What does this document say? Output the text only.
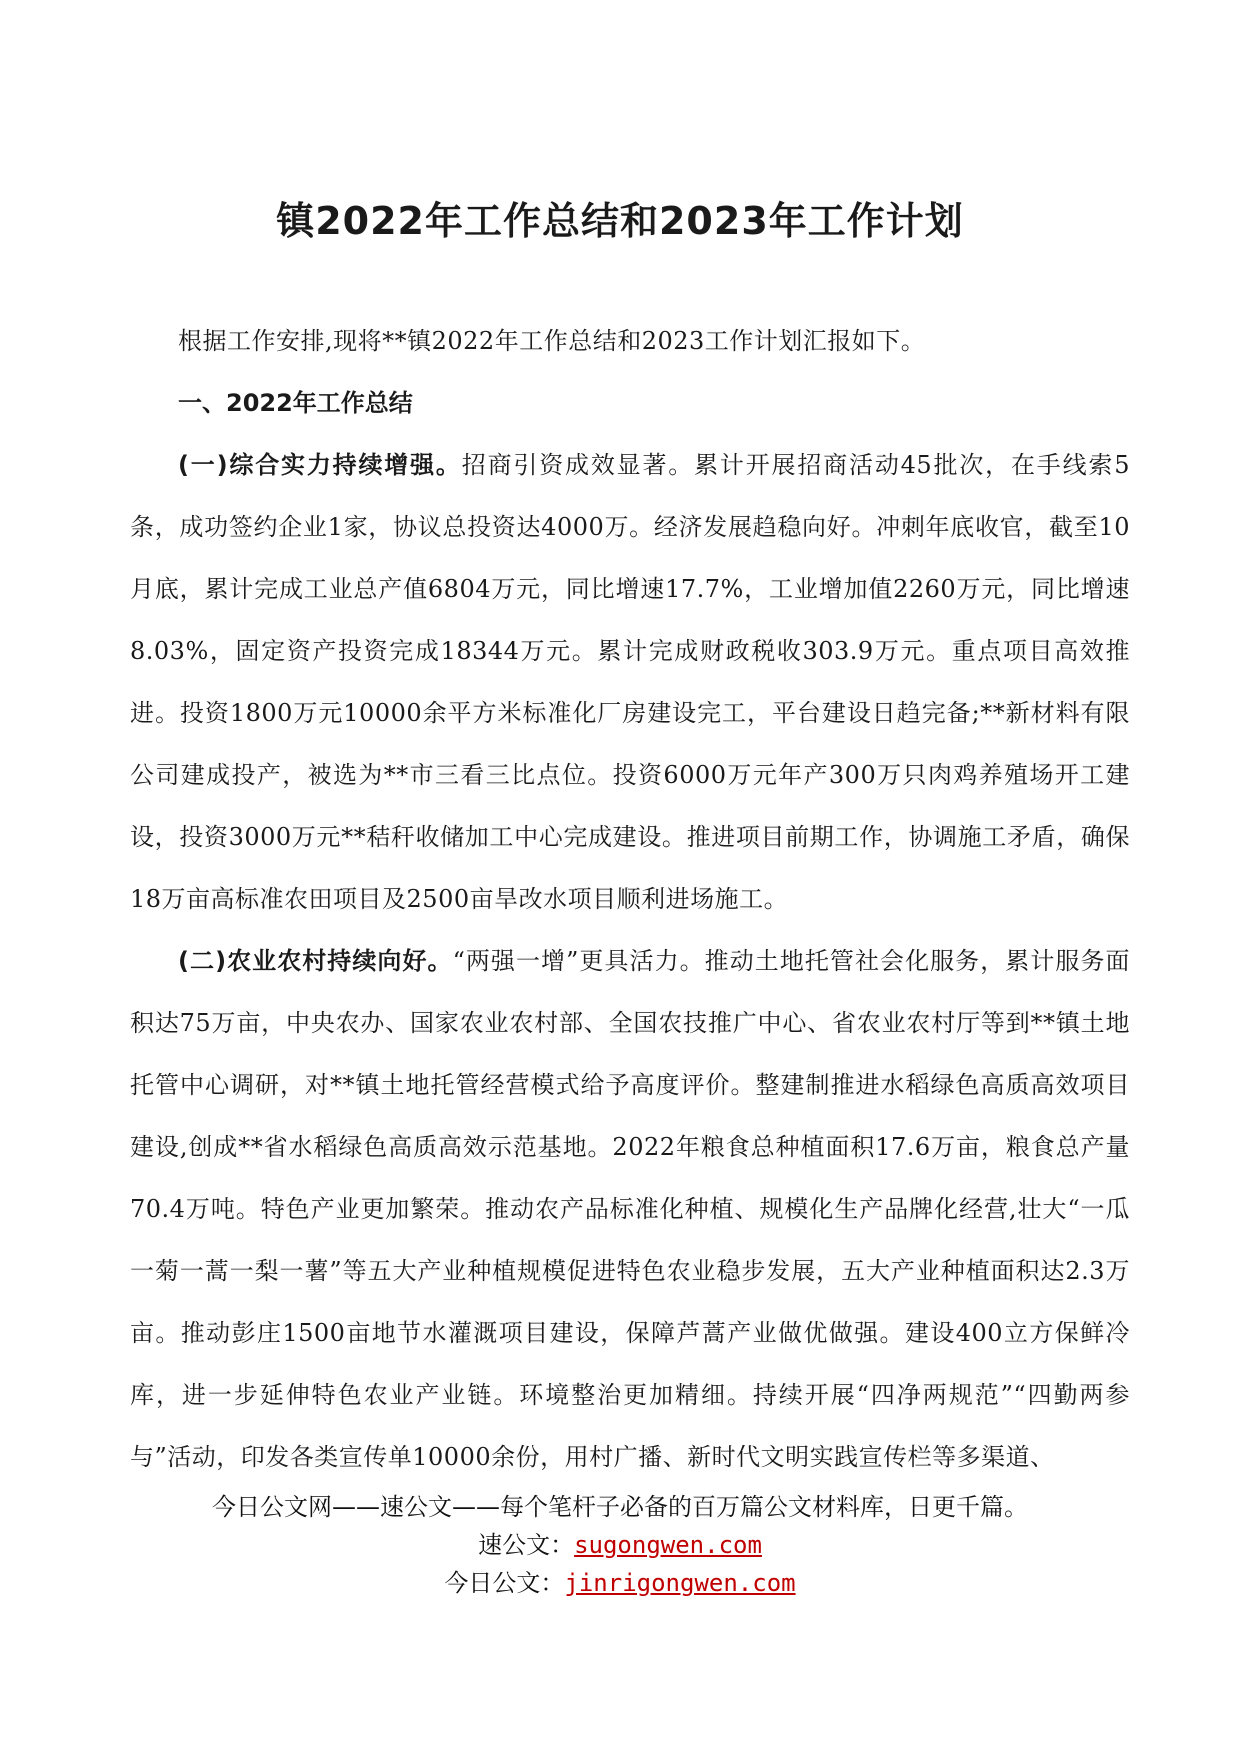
镇2022年工作总结和2023年工作计划

根据工作安排,现将**镇2022年工作总结和2023工作计划汇报如下。

一、2022年工作总结

(一)综合实力持续增强。招商引资成效显著。累计开展招商活动45批次，在手线索5条，成功签约企业1家，协议总投资达4000万。经济发展趋稳向好。冲刺年底收官，截至10月底，累计完成工业总产值6804万元，同比增速17.7%，工业增加值2260万元，同比增速8.03%，固定资产投资完成18344万元。累计完成财政税收303.9万元。重点项目高效推进。投资1800万元10000余平方米标准化厂房建设完工，平台建设日趋完备;**新材料有限公司建成投产，被选为**市三看三比点位。投资6000万元年产300万只肉鸡养殖场开工建设，投资3000万元**秸秆收储加工中心完成建设。推进项目前期工作，协调施工矛盾，确保18万亩高标准农田项目及2500亩旱改水项目顺利进场施工。

(二)农业农村持续向好。“两强一增”更具活力。推动土地托管社会化服务，累计服务面积达75万亩，中央农办、国家农业农村部、全国农技推广中心、省农业农村厅等到**镇土地托管中心调研，对**镇土地托管经营模式给予高度评价。整建制推进水稻绿色高质高效项目建设,创成**省水稻绿色高质高效示范基地。2022年粮食总种植面积17.6万亩，粮食总产量70.4万吨。特色产业更加繁荣。推动农产品标准化种植、规模化生产品牌化经营,壮大“一瓜一菊一蒿一梨一薯”等五大产业种植规模促进特色农业稳步发展，五大产业种植面积达2.3万亩。推动彭庄1500亩地节水灌溉项目建设，保障芦蒿产业做优做强。建设400立方保鲜冷库，进一步延伸特色农业产业链。环境整治更加精细。持续开展“四净两规范”“四勤两参与”活动，印发各类宣传单10000余份，用村广播、新时代文明实践宣传栏等多渠道、

今日公文网——速公文——每个笔杆子必备的百万篇公文材料库，日更千篇。

速公文：sugongwen.com

今日公文：jinrigongwen.com
